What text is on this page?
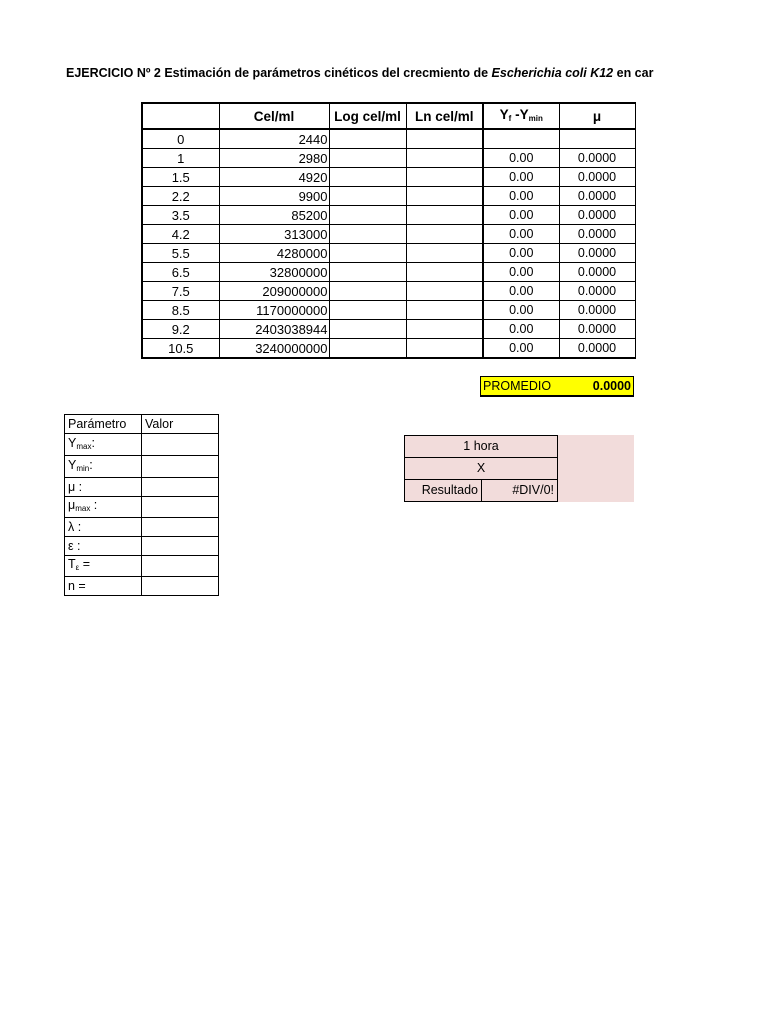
EJERCICIO Nº 2 Estimación de parámetros cinéticos del crecmiento de Escherichia coli K12 en car
	Cel/ml	Log cel/ml	Ln cel/ml	$Y_f$ $-Y_{min}$	μ
0	2440				
1	2980			0.00	0.0000
1.5	4920			0.00	0.0000
2.2	9900			0.00	0.0000
3.5	85200			0.00	0.0000
4.2	313000			0.00	0.0000
5.5	4280000			0.00	0.0000
6.5	32800000			0.00	0.0000
7.5	209000000			0.00	0.0000
8.5	1170000000			0.00	0.0000
9.2	2403038944			0.00	0.0000
10.5	3240000000			0.00	0.0000
PROMEDIO	0.0000
Parámetro	Valor
$Y_{max}$:	
$Y_{min}$:	
μ :	
$\mu_{max}$ :	
λ :	
ε :	
$T_\varepsilon$ =	
n =	
1 hora
X
Resultado	#DIV/0!
